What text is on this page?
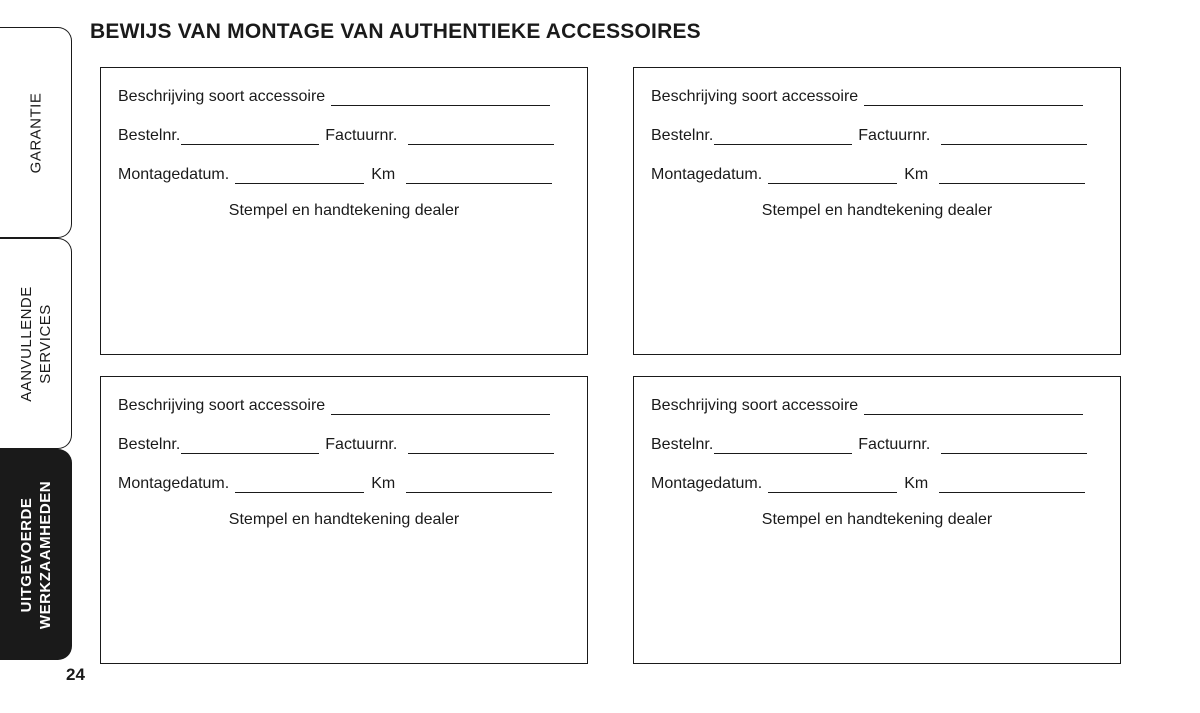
GARANTIE
AANVULLENDE SERVICES
UITGEVOERDE WERKZAAMHEDEN
BEWIJS VAN MONTAGE VAN AUTHENTIEKE ACCESSOIRES
Beschrijving soort accessoire
Bestelnr.	Factuurnr.
Montagedatum.	Km
Stempel en handtekening dealer
Beschrijving soort accessoire
Bestelnr.	Factuurnr.
Montagedatum.	Km
Stempel en handtekening dealer
Beschrijving soort accessoire
Bestelnr.	Factuurnr.
Montagedatum.	Km
Stempel en handtekening dealer
Beschrijving soort accessoire
Bestelnr.	Factuurnr.
Montagedatum.	Km
Stempel en handtekening dealer
24
